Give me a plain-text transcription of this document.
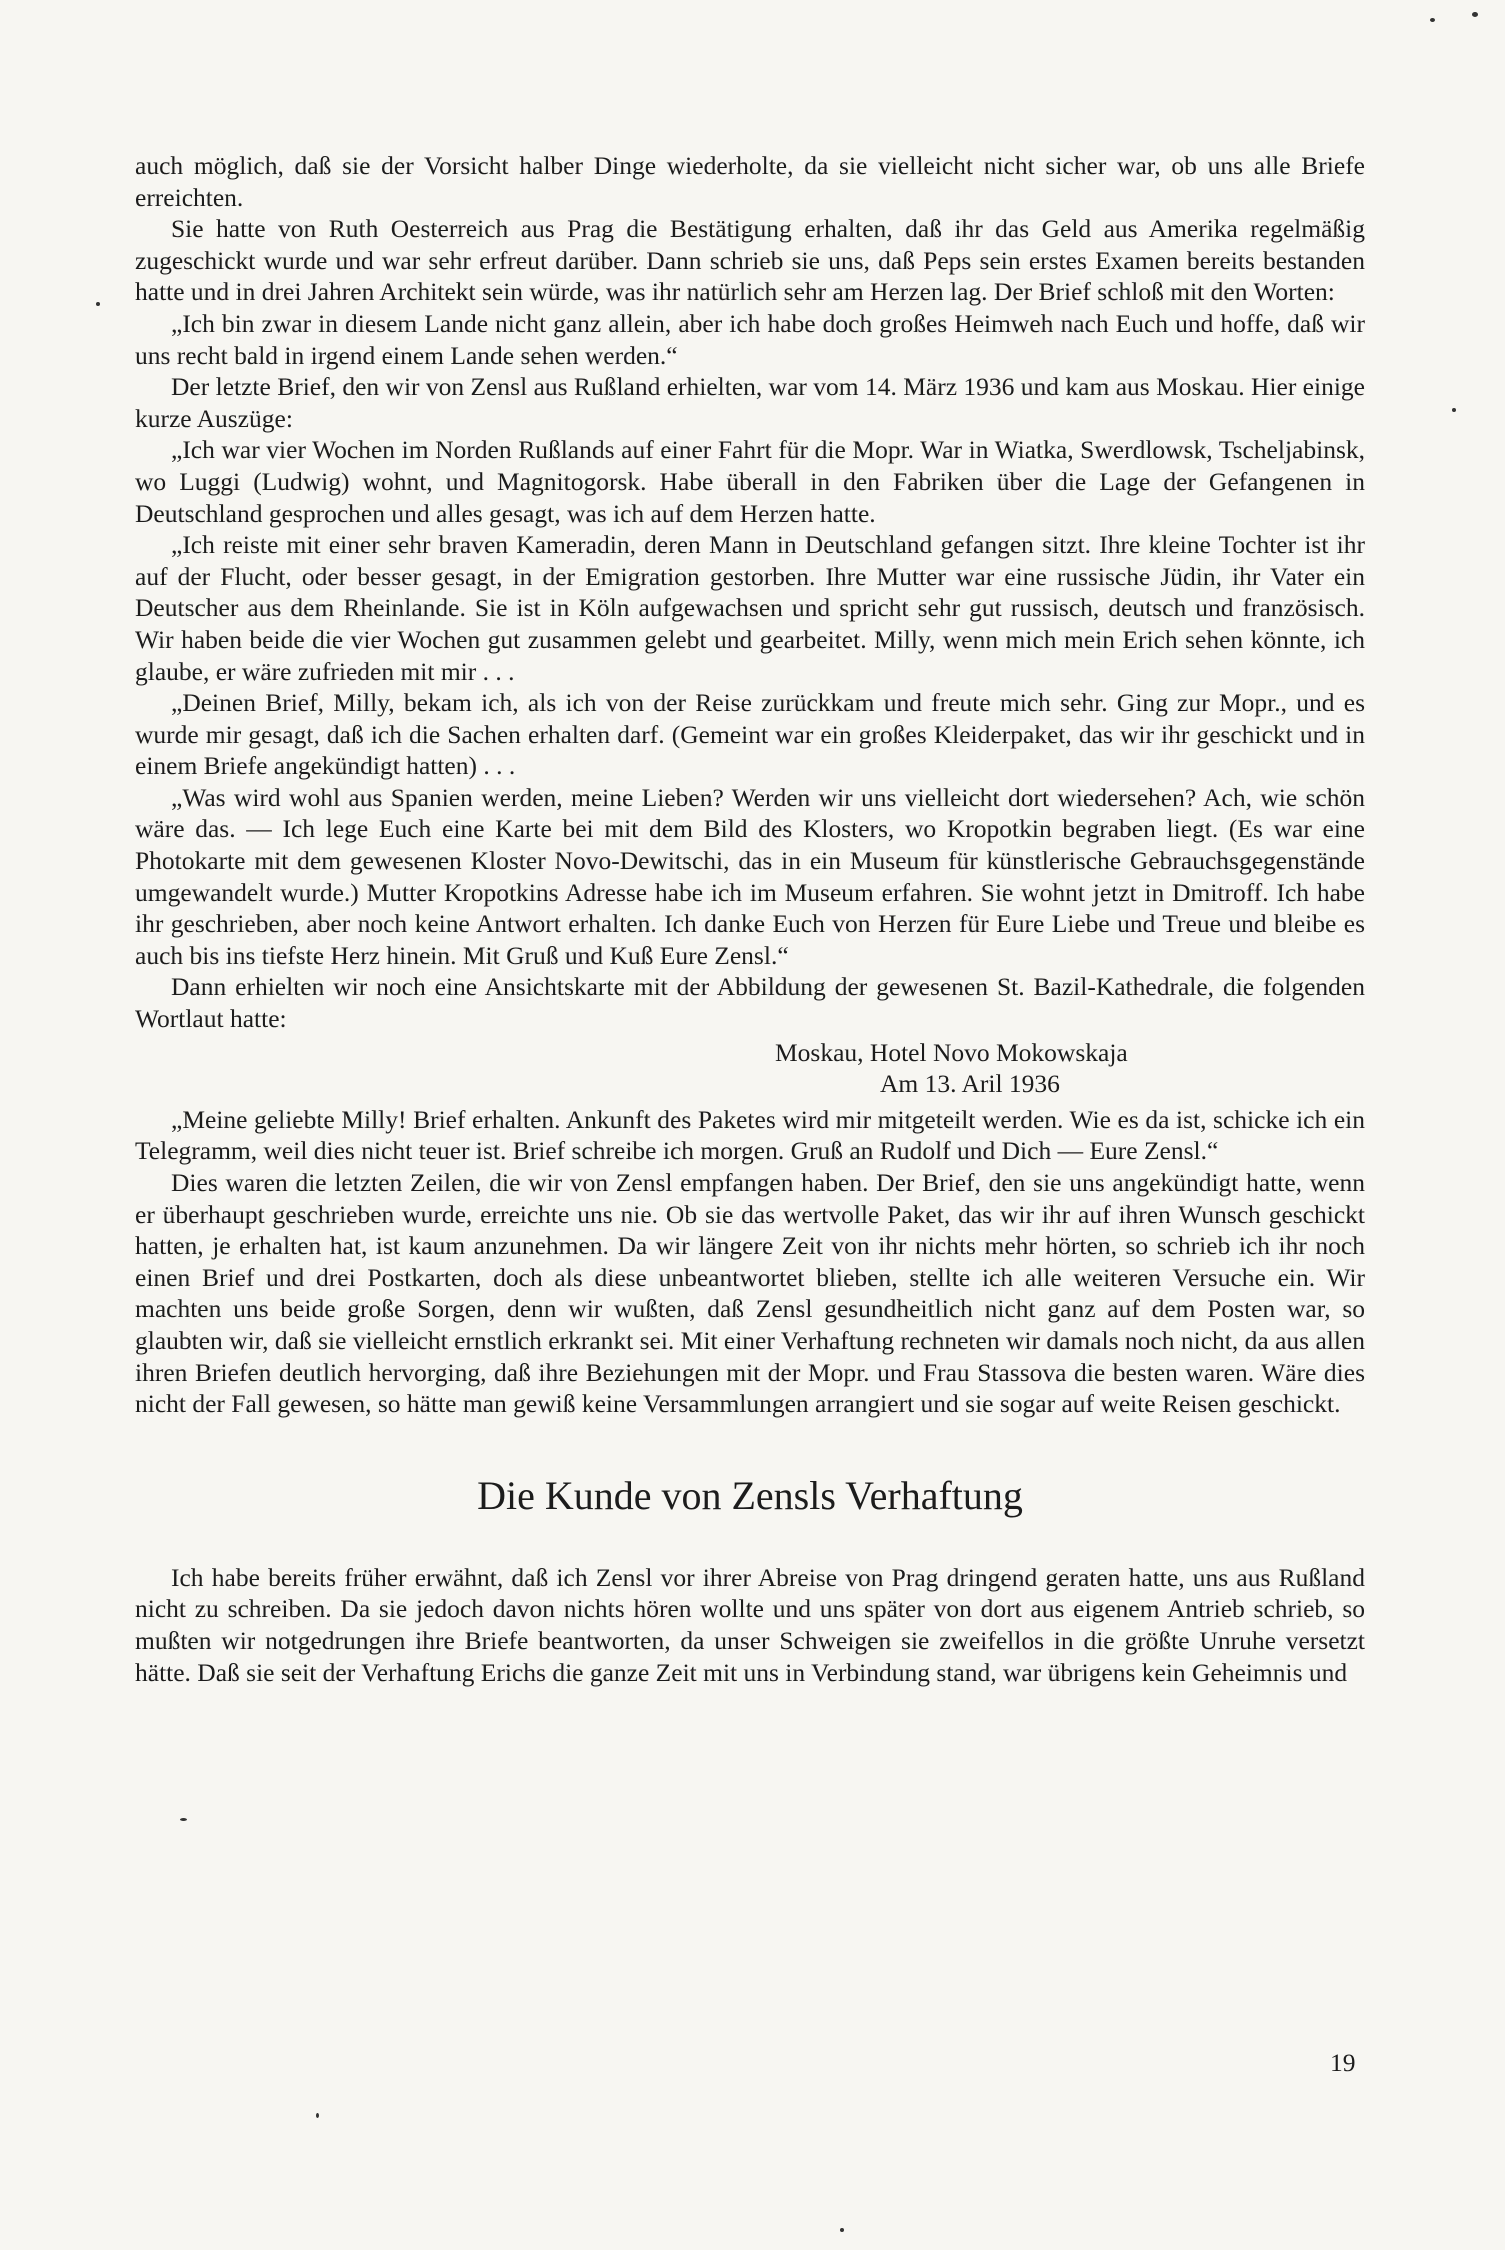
auch möglich, daß sie der Vorsicht halber Dinge wiederholte, da sie vielleicht nicht sicher war, ob uns alle Briefe erreichten.

Sie hatte von Ruth Oesterreich aus Prag die Bestätigung erhalten, daß ihr das Geld aus Amerika regelmäßig zugeschickt wurde und war sehr erfreut darüber. Dann schrieb sie uns, daß Peps sein erstes Examen bereits bestanden hatte und in drei Jahren Architekt sein würde, was ihr natürlich sehr am Herzen lag. Der Brief schloß mit den Worten:

„Ich bin zwar in diesem Lande nicht ganz allein, aber ich habe doch großes Heimweh nach Euch und hoffe, daß wir uns recht bald in irgend einem Lande sehen werden.“

Der letzte Brief, den wir von Zensl aus Rußland erhielten, war vom 14. März 1936 und kam aus Moskau. Hier einige kurze Auszüge:

„Ich war vier Wochen im Norden Rußlands auf einer Fahrt für die Mopr. War in Wiatka, Swerdlowsk, Tscheljabinsk, wo Luggi (Ludwig) wohnt, und Magnitogorsk. Habe überall in den Fabriken über die Lage der Gefangenen in Deutschland gesprochen und alles gesagt, was ich auf dem Herzen hatte.

„Ich reiste mit einer sehr braven Kameradin, deren Mann in Deutschland gefangen sitzt. Ihre kleine Tochter ist ihr auf der Flucht, oder besser gesagt, in der Emigration gestorben. Ihre Mutter war eine russische Jüdin, ihr Vater ein Deutscher aus dem Rheinlande. Sie ist in Köln aufgewachsen und spricht sehr gut russisch, deutsch und französisch. Wir haben beide die vier Wochen gut zusammen gelebt und gearbeitet. Milly, wenn mich mein Erich sehen könnte, ich glaube, er wäre zufrieden mit mir . . .

„Deinen Brief, Milly, bekam ich, als ich von der Reise zurückkam und freute mich sehr. Ging zur Mopr., und es wurde mir gesagt, daß ich die Sachen erhalten darf. (Gemeint war ein großes Kleiderpaket, das wir ihr geschickt und in einem Briefe angekündigt hatten) . . .

„Was wird wohl aus Spanien werden, meine Lieben? Werden wir uns vielleicht dort wiedersehen? Ach, wie schön wäre das. — Ich lege Euch eine Karte bei mit dem Bild des Klosters, wo Kropotkin begraben liegt. (Es war eine Photokarte mit dem gewesenen Kloster Novo-Dewitschi, das in ein Museum für künstlerische Gebrauchsgegenstände umgewandelt wurde.) Mutter Kropotkins Adresse habe ich im Museum erfahren. Sie wohnt jetzt in Dmitroff. Ich habe ihr geschrieben, aber noch keine Antwort erhalten. Ich danke Euch von Herzen für Eure Liebe und Treue und bleibe es auch bis ins tiefste Herz hinein. Mit Gruß und Kuß Eure Zensl.“

Dann erhielten wir noch eine Ansichtskarte mit der Abbildung der gewesenen St. Bazil-Kathedrale, die folgenden Wortlaut hatte:

Moskau, Hotel Novo Mokowskaja

Am 13. Aril 1936

„Meine geliebte Milly! Brief erhalten. Ankunft des Paketes wird mir mitgeteilt werden. Wie es da ist, schicke ich ein Telegramm, weil dies nicht teuer ist. Brief schreibe ich morgen. Gruß an Rudolf und Dich — Eure Zensl.“

Dies waren die letzten Zeilen, die wir von Zensl empfangen haben. Der Brief, den sie uns angekündigt hatte, wenn er überhaupt geschrieben wurde, erreichte uns nie. Ob sie das wertvolle Paket, das wir ihr auf ihren Wunsch geschickt hatten, je erhalten hat, ist kaum anzunehmen. Da wir längere Zeit von ihr nichts mehr hörten, so schrieb ich ihr noch einen Brief und drei Postkarten, doch als diese unbeantwortet blieben, stellte ich alle weiteren Versuche ein. Wir machten uns beide große Sorgen, denn wir wußten, daß Zensl gesundheitlich nicht ganz auf dem Posten war, so glaubten wir, daß sie vielleicht ernstlich erkrankt sei. Mit einer Verhaftung rechneten wir damals noch nicht, da aus allen ihren Briefen deutlich hervorging, daß ihre Beziehungen mit der Mopr. und Frau Stassova die besten waren. Wäre dies nicht der Fall gewesen, so hätte man gewiß keine Versammlungen arrangiert und sie sogar auf weite Reisen geschickt.

Die Kunde von Zensls Verhaftung

Ich habe bereits früher erwähnt, daß ich Zensl vor ihrer Abreise von Prag dringend geraten hatte, uns aus Rußland nicht zu schreiben. Da sie jedoch davon nichts hören wollte und uns später von dort aus eigenem Antrieb schrieb, so mußten wir notgedrungen ihre Briefe beantworten, da unser Schweigen sie zweifellos in die größte Unruhe versetzt hätte. Daß sie seit der Verhaftung Erichs die ganze Zeit mit uns in Verbindung stand, war übrigens kein Geheimnis und

19
